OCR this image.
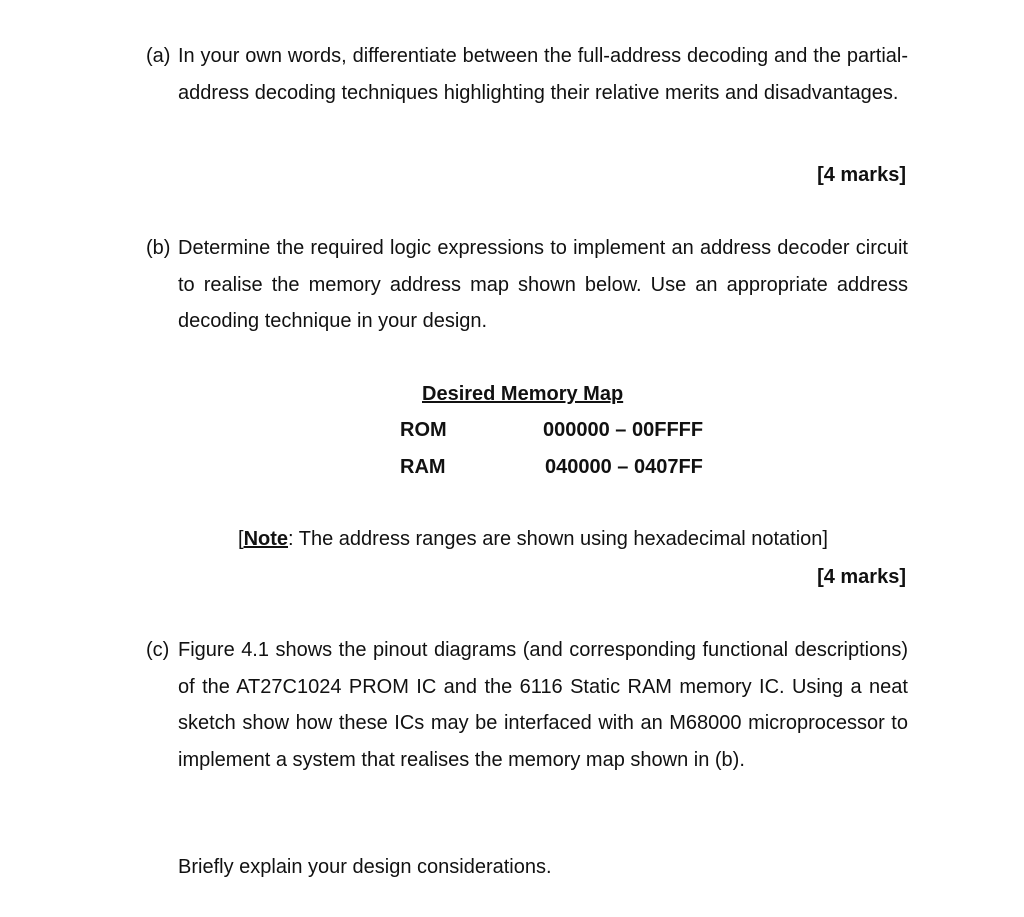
(a) In your own words, differentiate between the full-address decoding and the partial-address decoding techniques highlighting their relative merits and disadvantages.
[4 marks]
(b) Determine the required logic expressions to implement an address decoder circuit to realise the memory address map shown below. Use an appropriate address decoding technique in your design.
Desired Memory Map
ROM	000000 – 00FFFF
RAM	040000 – 0407FF
[Note: The address ranges are shown using hexadecimal notation]
[4 marks]
(c) Figure 4.1 shows the pinout diagrams (and corresponding functional descriptions) of the AT27C1024 PROM IC and the 6116 Static RAM memory IC. Using a neat sketch show how these ICs may be interfaced with an M68000 microprocessor to implement a system that realises the memory map shown in (b).
Briefly explain your design considerations.
